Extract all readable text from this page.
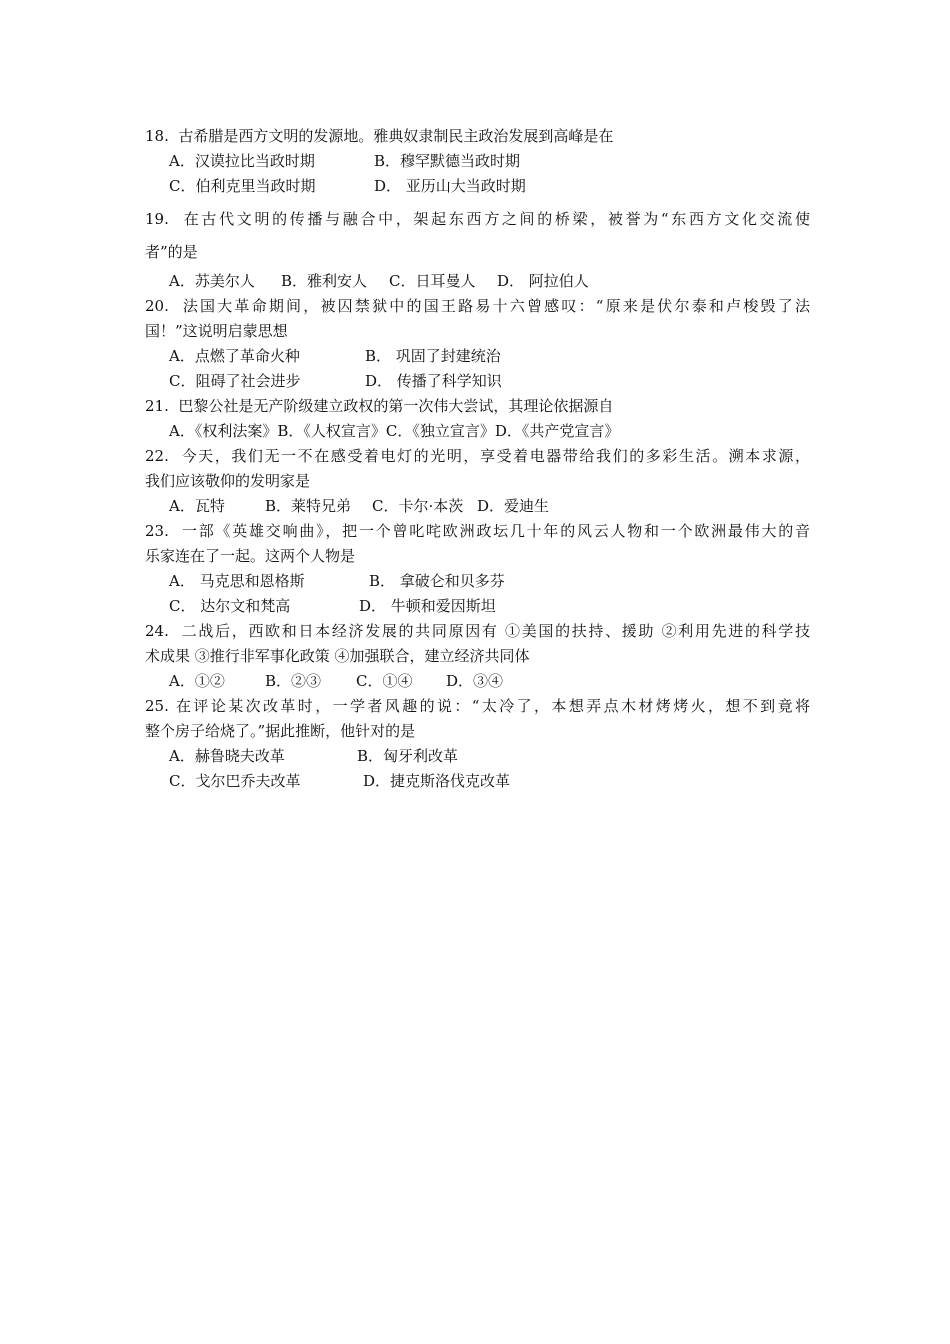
18. 古希腊是西方文明的发源地。雅典奴隶制民主政治发展到高峰是在
A．汉谟拉比当政时期	B．穆罕默德当政时期
C．伯利克里当政时期	D． 亚历山大当政时期
19. 在古代文明的传播与融合中，架起东西方之间的桥梁，被誉为“东西方文化交流使
者”的是
A．苏美尔人 B．雅利安人 C．日耳曼人 D． 阿拉伯人
20. 法国大革命期间，被囚禁狱中的国王路易十六曾感叹：“原来是伏尔泰和卢梭毁了法
国！”这说明启蒙思想
A．点燃了革命火种	B． 巩固了封建统治
C．阻碍了社会进步	D． 传播了科学知识
21. 巴黎公社是无产阶级建立政权的第一次伟大尝试，其理论依据源自
A．《权利法案》B．《人权宣言》C．《独立宣言》D．《共产党宣言》
22. 今天，我们无一不在感受着电灯的光明，享受着电器带给我们的多彩生活。溯本求源，
我们应该敬仰的发明家是
A．瓦特	B．莱特兄弟 C．卡尔·本茨 D．爱迪生
23. 一部《英雄交响曲》，把一个曾叱咤欧洲政坛几十年的风云人物和一个欧洲最伟大的音
乐家连在了一起。这两个人物是
A． 马克思和恩格斯	B． 拿破仑和贝多芬
C． 达尔文和梵高	D． 牛顿和爱因斯坦
24. 二战后，西欧和日本经济发展的共同原因有 ①美国的扶持、援助 ②利用先进的科学技
术成果 ③推行非军事化政策 ④加强联合，建立经济共同体
A．①②	B．②③ C．①④ D．③④
25. 在评论某次改革时，一学者风趣的说：“太冷了，本想弄点木材烤烤火，想不到竟将
整个房子给烧了。”据此推断，他针对的是
A．赫鲁晓夫改革	B．匈牙利改革
C．戈尔巴乔夫改革	D．捷克斯洛伐克改革
